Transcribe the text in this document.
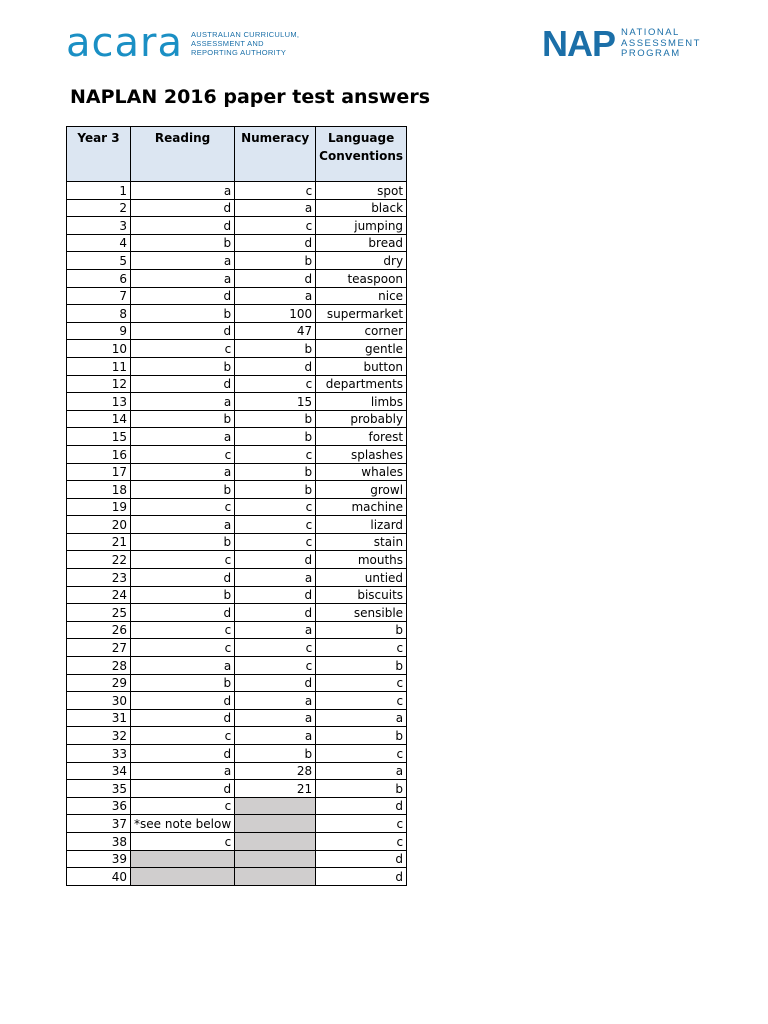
acara AUSTRALIAN CURRICULUM,
ASSESSMENT AND
REPORTING AUTHORITY	NAP NATIONAL
ASSESSMENT
PROGRAM
NAPLAN 2016 paper test answers
Year 3	Reading	Numeracy	Language Conventions
1	a	c	spot
2	d	a	black
3	d	c	jumping
4	b	d	bread
5	a	b	dry
6	a	d	teaspoon
7	d	a	nice
8	b	100	supermarket
9	d	47	corner
10	c	b	gentle
11	b	d	button
12	d	c	departments
13	a	15	limbs
14	b	b	probably
15	a	b	forest
16	c	c	splashes
17	a	b	whales
18	b	b	growl
19	c	c	machine
20	a	c	lizard
21	b	c	stain
22	c	d	mouths
23	d	a	untied
24	b	d	biscuits
25	d	d	sensible
26	c	a	b
27	c	c	c
28	a	c	b
29	b	d	c
30	d	a	c
31	d	a	a
32	c	a	b
33	d	b	c
34	a	28	a
35	d	21	b
36	c		d
37	*see note below		c
38	c		c
39			d
40			d
